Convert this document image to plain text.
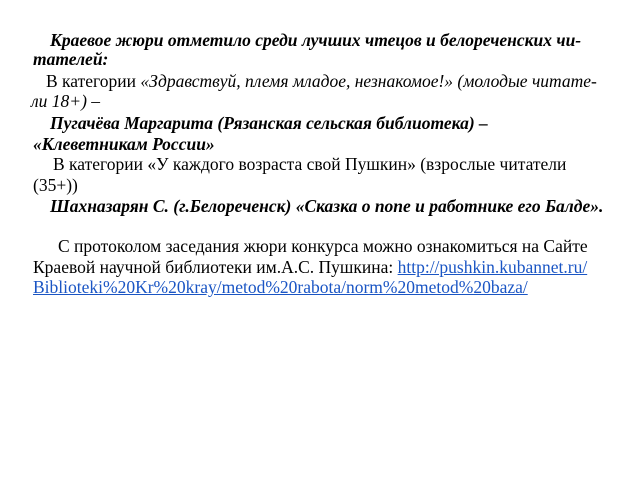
Краевое жюри отметило среди лучших чтецов и белореченских чи-
тателей:
В категории «Здравствуй, племя младое, незнакомое!» (молодые читате-
ли 18+) –
Пугачёва Маргарита (Рязанская сельская библиотека) –
«Клеветникам России»
В категории «У каждого возраста свой Пушкин» (взрослые читатели
(35+))
Шахназарян С. (г.Белореченск) «Сказка о попе и работнике его Балде».
С протоколом заседания жюри конкурса можно ознакомиться на Сайте
Краевой научной библиотеки им.А.С. Пушкина: http://pushkin.kubannet.ru/
Biblioteki%20Kr%20kray/metod%20rabota/norm%20metod%20baza/
